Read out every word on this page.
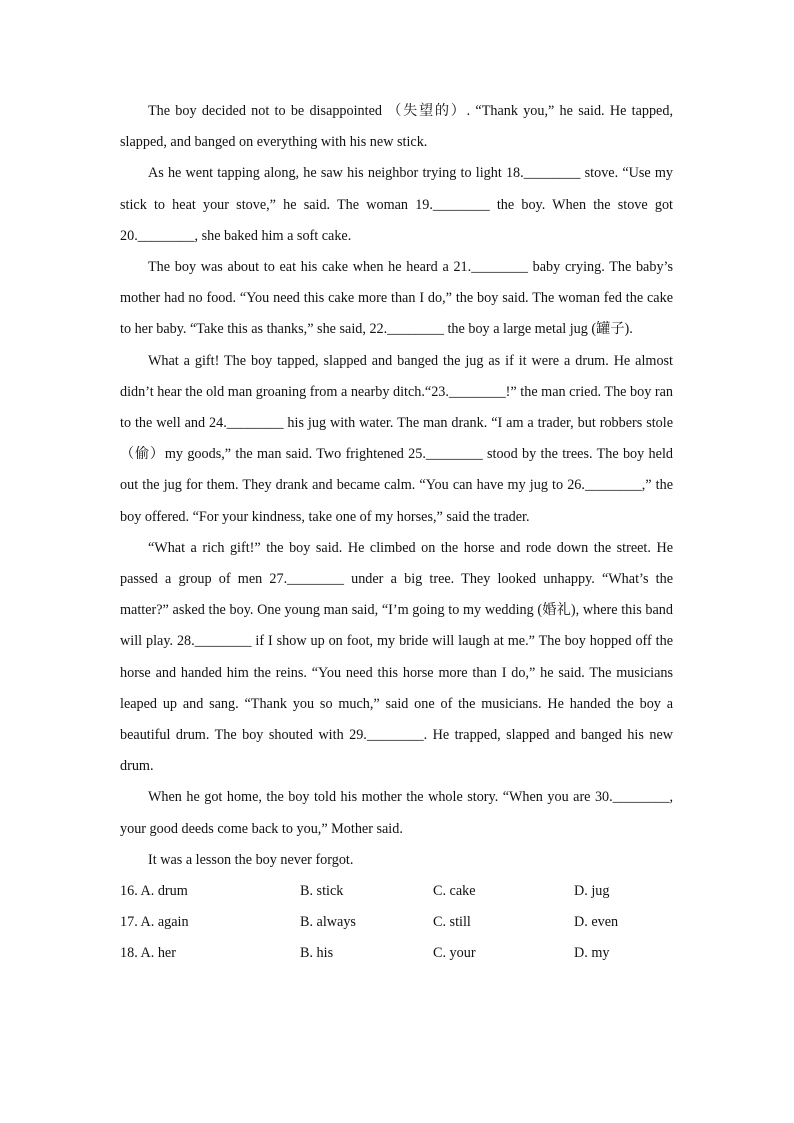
The boy decided not to be disappointed （失望的）. “Thank you,” he said. He tapped, slapped, and banged on everything with his new stick.

As he went tapping along, he saw his neighbor trying to light 18.________ stove. “Use my stick to heat your stove,” he said. The woman 19.________ the boy. When the stove got 20.________, she baked him a soft cake.

The boy was about to eat his cake when he heard a 21.________ baby crying. The baby’s mother had no food. “You need this cake more than I do,” the boy said. The woman fed the cake to her baby. “Take this as thanks,” she said, 22.________ the boy a large metal jug (罐子).

What a gift! The boy tapped, slapped and banged the jug as if it were a drum. He almost didn’t hear the old man groaning from a nearby ditch.“23.________!” the man cried. The boy ran to the well and 24.________ his jug with water. The man drank. “I am a trader, but robbers stole （偷）my goods,” the man said. Two frightened 25.________ stood by the trees. The boy held out the jug for them. They drank and became calm. “You can have my jug to 26.________,” the boy offered. “For your kindness, take one of my horses,” said the trader.

“What a rich gift!” the boy said. He climbed on the horse and rode down the street. He passed a group of men 27.________ under a big tree. They looked unhappy. “What’s the matter?” asked the boy. One young man said, “I’m going to my wedding (婚礼), where this band will play. 28.________ if I show up on foot, my bride will laugh at me.” The boy hopped off the horse and handed him the reins. “You need this horse more than I do,” he said. The musicians leaped up and sang. “Thank you so much,” said one of the musicians. He handed the boy a beautiful drum. The boy shouted with 29.________. He trapped, slapped and banged his new drum.

When he got home, the boy told his mother the whole story. “When you are 30.________, your good deeds come back to you,” Mother said.

It was a lesson the boy never forgot.

16. A. drum	B. stick	C. cake	D. jug
17. A. again	B. always	C. still	D. even
18. A. her	B. his	C. your	D. my
